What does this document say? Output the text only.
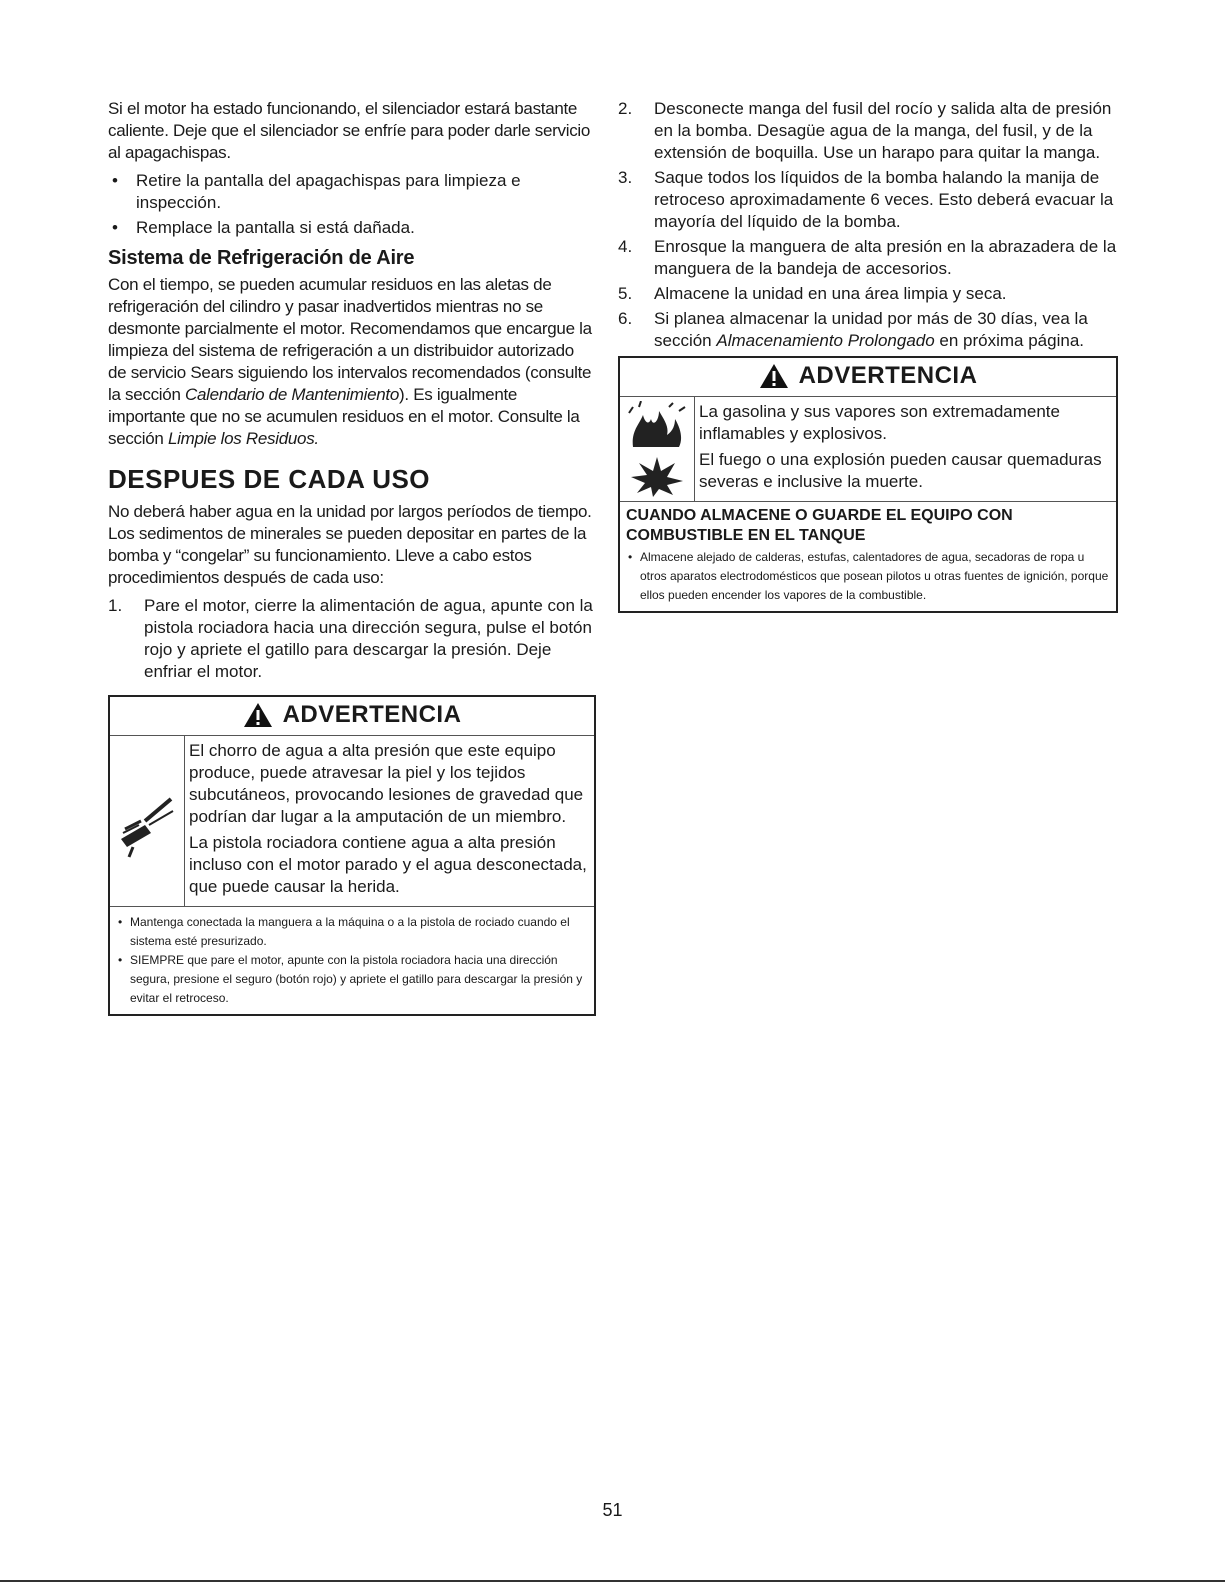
Si el motor ha estado funcionando, el silenciador estará bastante caliente. Deje que el silenciador se enfríe para poder darle servicio al apagachispas.

• Retire la pantalla del apagachispas para limpieza e inspección.
• Remplace la pantalla si está dañada.
Sistema de Refrigeración de Aire

Con el tiempo, se pueden acumular residuos en las aletas de refrigeración del cilindro y pasar inadvertidos mientras no se desmonte parcialmente el motor. Recomendamos que encargue la limpieza del sistema de refrigeración a un distribuidor autorizado de servicio Sears siguiendo los intervalos recomendados (consulte la sección Calendario de Mantenimiento). Es igualmente importante que no se acumulen residuos en el motor. Consulte la sección Limpie los Residuos.

DESPUES DE CADA USO

No deberá haber agua en la unidad por largos períodos de tiempo. Los sedimentos de minerales se pueden depositar en partes de la bomba y “congelar” su funcionamiento. Lleve a cabo estos procedimientos después de cada uso:

1. Pare el motor, cierre la alimentación de agua, apunte con la pistola rociadora hacia una dirección segura, pulse el botón rojo y apriete el gatillo para descargar la presión. Deje enfriar el motor.
ADVERTENCIA

El chorro de agua a alta presión que este equipo produce, puede atravesar la piel y los tejidos subcutáneos, provocando lesiones de gravedad que podrían dar lugar a la amputación de un miembro.

La pistola rociadora contiene agua a alta presión incluso con el motor parado y el agua desconectada, que puede causar la herida.

• Mantenga conectada la manguera a la máquina o a la pistola de rociado cuando el sistema esté presurizado.
• SIEMPRE que pare el motor, apunte con la pistola rociadora hacia una dirección segura, presione el seguro (botón rojo) y apriete el gatillo para descargar la presión y evitar el retroceso.
2. Desconecte manga del fusil del rocío y salida alta de presión en la bomba. Desagüe agua de la manga, del fusil, y de la extensión de boquilla. Use un harapo para quitar la manga.
3. Saque todos los líquidos de la bomba halando la manija de retroceso aproximadamente 6 veces. Esto deberá evacuar la mayoría del líquido de la bomba.
4. Enrosque la manguera de alta presión en la abrazadera de la manguera de la bandeja de accesorios.
5. Almacene la unidad en una área limpia y seca.
6. Si planea almacenar la unidad por más de 30 días, vea la sección Almacenamiento Prolongado en próxima página.
ADVERTENCIA

La gasolina y sus vapores son extremadamente inflamables y explosivos.

El fuego o una explosión pueden causar quemaduras severas e inclusive la muerte.

CUANDO ALMACENE O GUARDE EL EQUIPO CON COMBUSTIBLE EN EL TANQUE
• Almacene alejado de calderas, estufas, calentadores de agua, secadoras de ropa u otros aparatos electrodomésticos que posean pilotos u otras fuentes de ignición, porque ellos pueden encender los vapores de la combustible.
51
